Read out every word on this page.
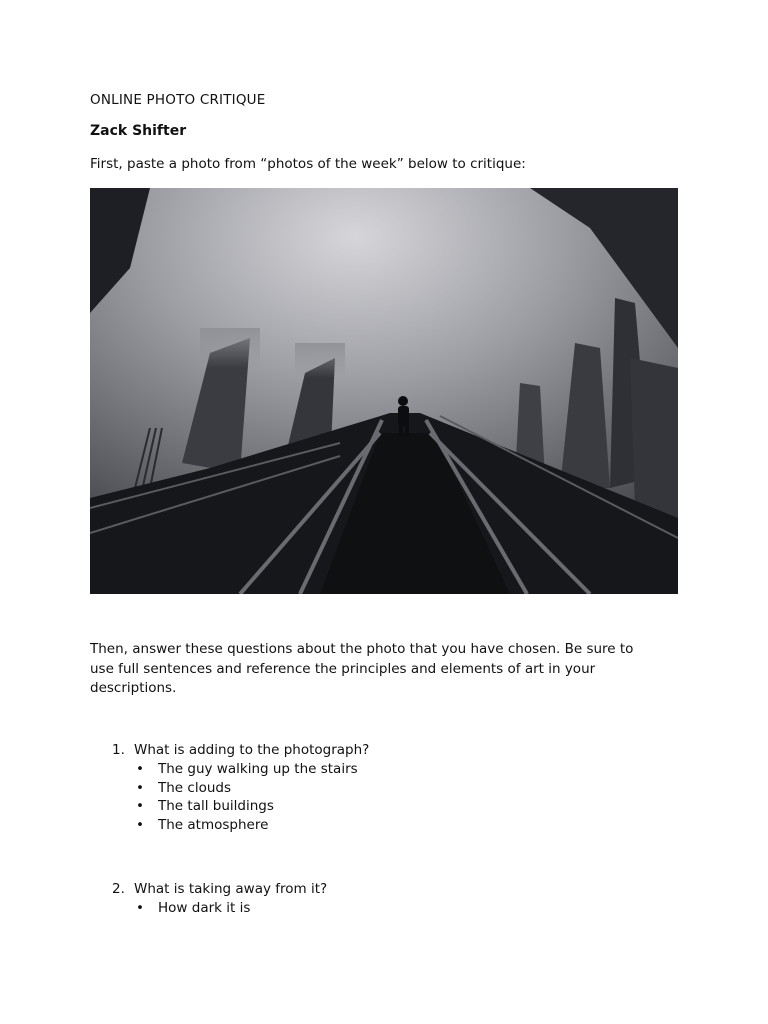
ONLINE PHOTO CRITIQUE
Zack Shifter
First, paste a photo from “photos of the week” below to critique:

Then, answer these questions about the photo that you have chosen. Be sure to

use full sentences and reference the principles and elements of art in your

descriptions.

1. What is adding to the photograph?
• The guy walking up the stairs
• The clouds
• The tall buildings
• The atmosphere
2. What is taking away from it?
• How dark it is
